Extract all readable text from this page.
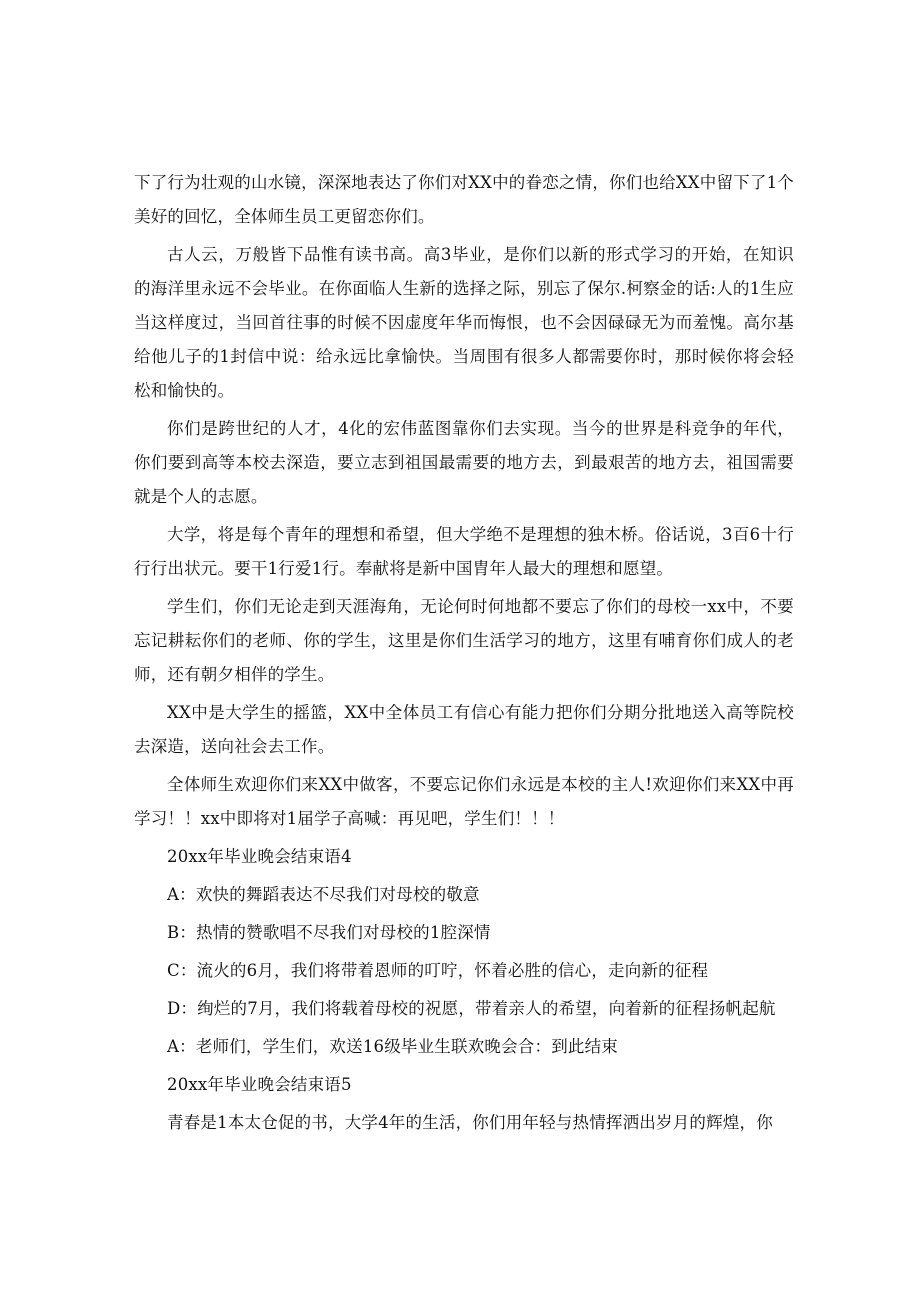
下了行为壮观的山水镜，深深地表达了你们对XX中的眷恋之情，你们也给XX中留下了1个美好的回忆，全体师生员工更留恋你们。

古人云，万般皆下品惟有读书高。高3毕业，是你们以新的形式学习的开始，在知识的海洋里永远不会毕业。在你面临人生新的选择之际，别忘了保尔.柯察金的话:人的1生应当这样度过，当回首往事的时候不因虚度年华而悔恨，也不会因碌碌无为而羞愧。高尔基给他儿子的1封信中说：给永远比拿愉快。当周围有很多人都需要你时，那时候你将会轻松和愉快的。

你们是跨世纪的人才，4化的宏伟蓝图靠你们去实现。当今的世界是科竞争的年代，你们要到高等本校去深造，要立志到祖国最需要的地方去，到最艰苦的地方去，祖国需要就是个人的志愿。

大学，将是每个青年的理想和希望，但大学绝不是理想的独木桥。俗话说，3百6十行行行出状元。要干1行爱1行。奉献将是新中国胄年人最大的理想和愿望。

学生们，你们无论走到天涯海角，无论何时何地都不要忘了你们的母校一xx中，不要忘记耕耘你们的老师、你的学生，这里是你们生活学习的地方，这里有哺育你们成人的老师，还有朝夕相伴的学生。

XX中是大学生的摇篮，XX中全体员工有信心有能力把你们分期分批地送入高等院校去深造，送向社会去工作。

全体师生欢迎你们来XX中做客，不要忘记你们永远是本校的主人!欢迎你们来XX中再学习！！xx中即将对1届学子高喊：再见吧，学生们！！！

20xx年毕业晚会结束语4

A：欢快的舞蹈表达不尽我们对母校的敬意

B：热情的赞歌唱不尽我们对母校的1腔深情

C：流火的6月，我们将带着恩师的叮咛，怀着必胜的信心，走向新的征程

D：绚烂的7月，我们将载着母校的祝愿，带着亲人的希望，向着新的征程扬帆起航

A：老师们，学生们，欢送16级毕业生联欢晚会合：到此结束

20xx年毕业晚会结束语5

青春是1本太仓促的书，大学4年的生活，你们用年轻与热情挥洒出岁月的辉煌，你
